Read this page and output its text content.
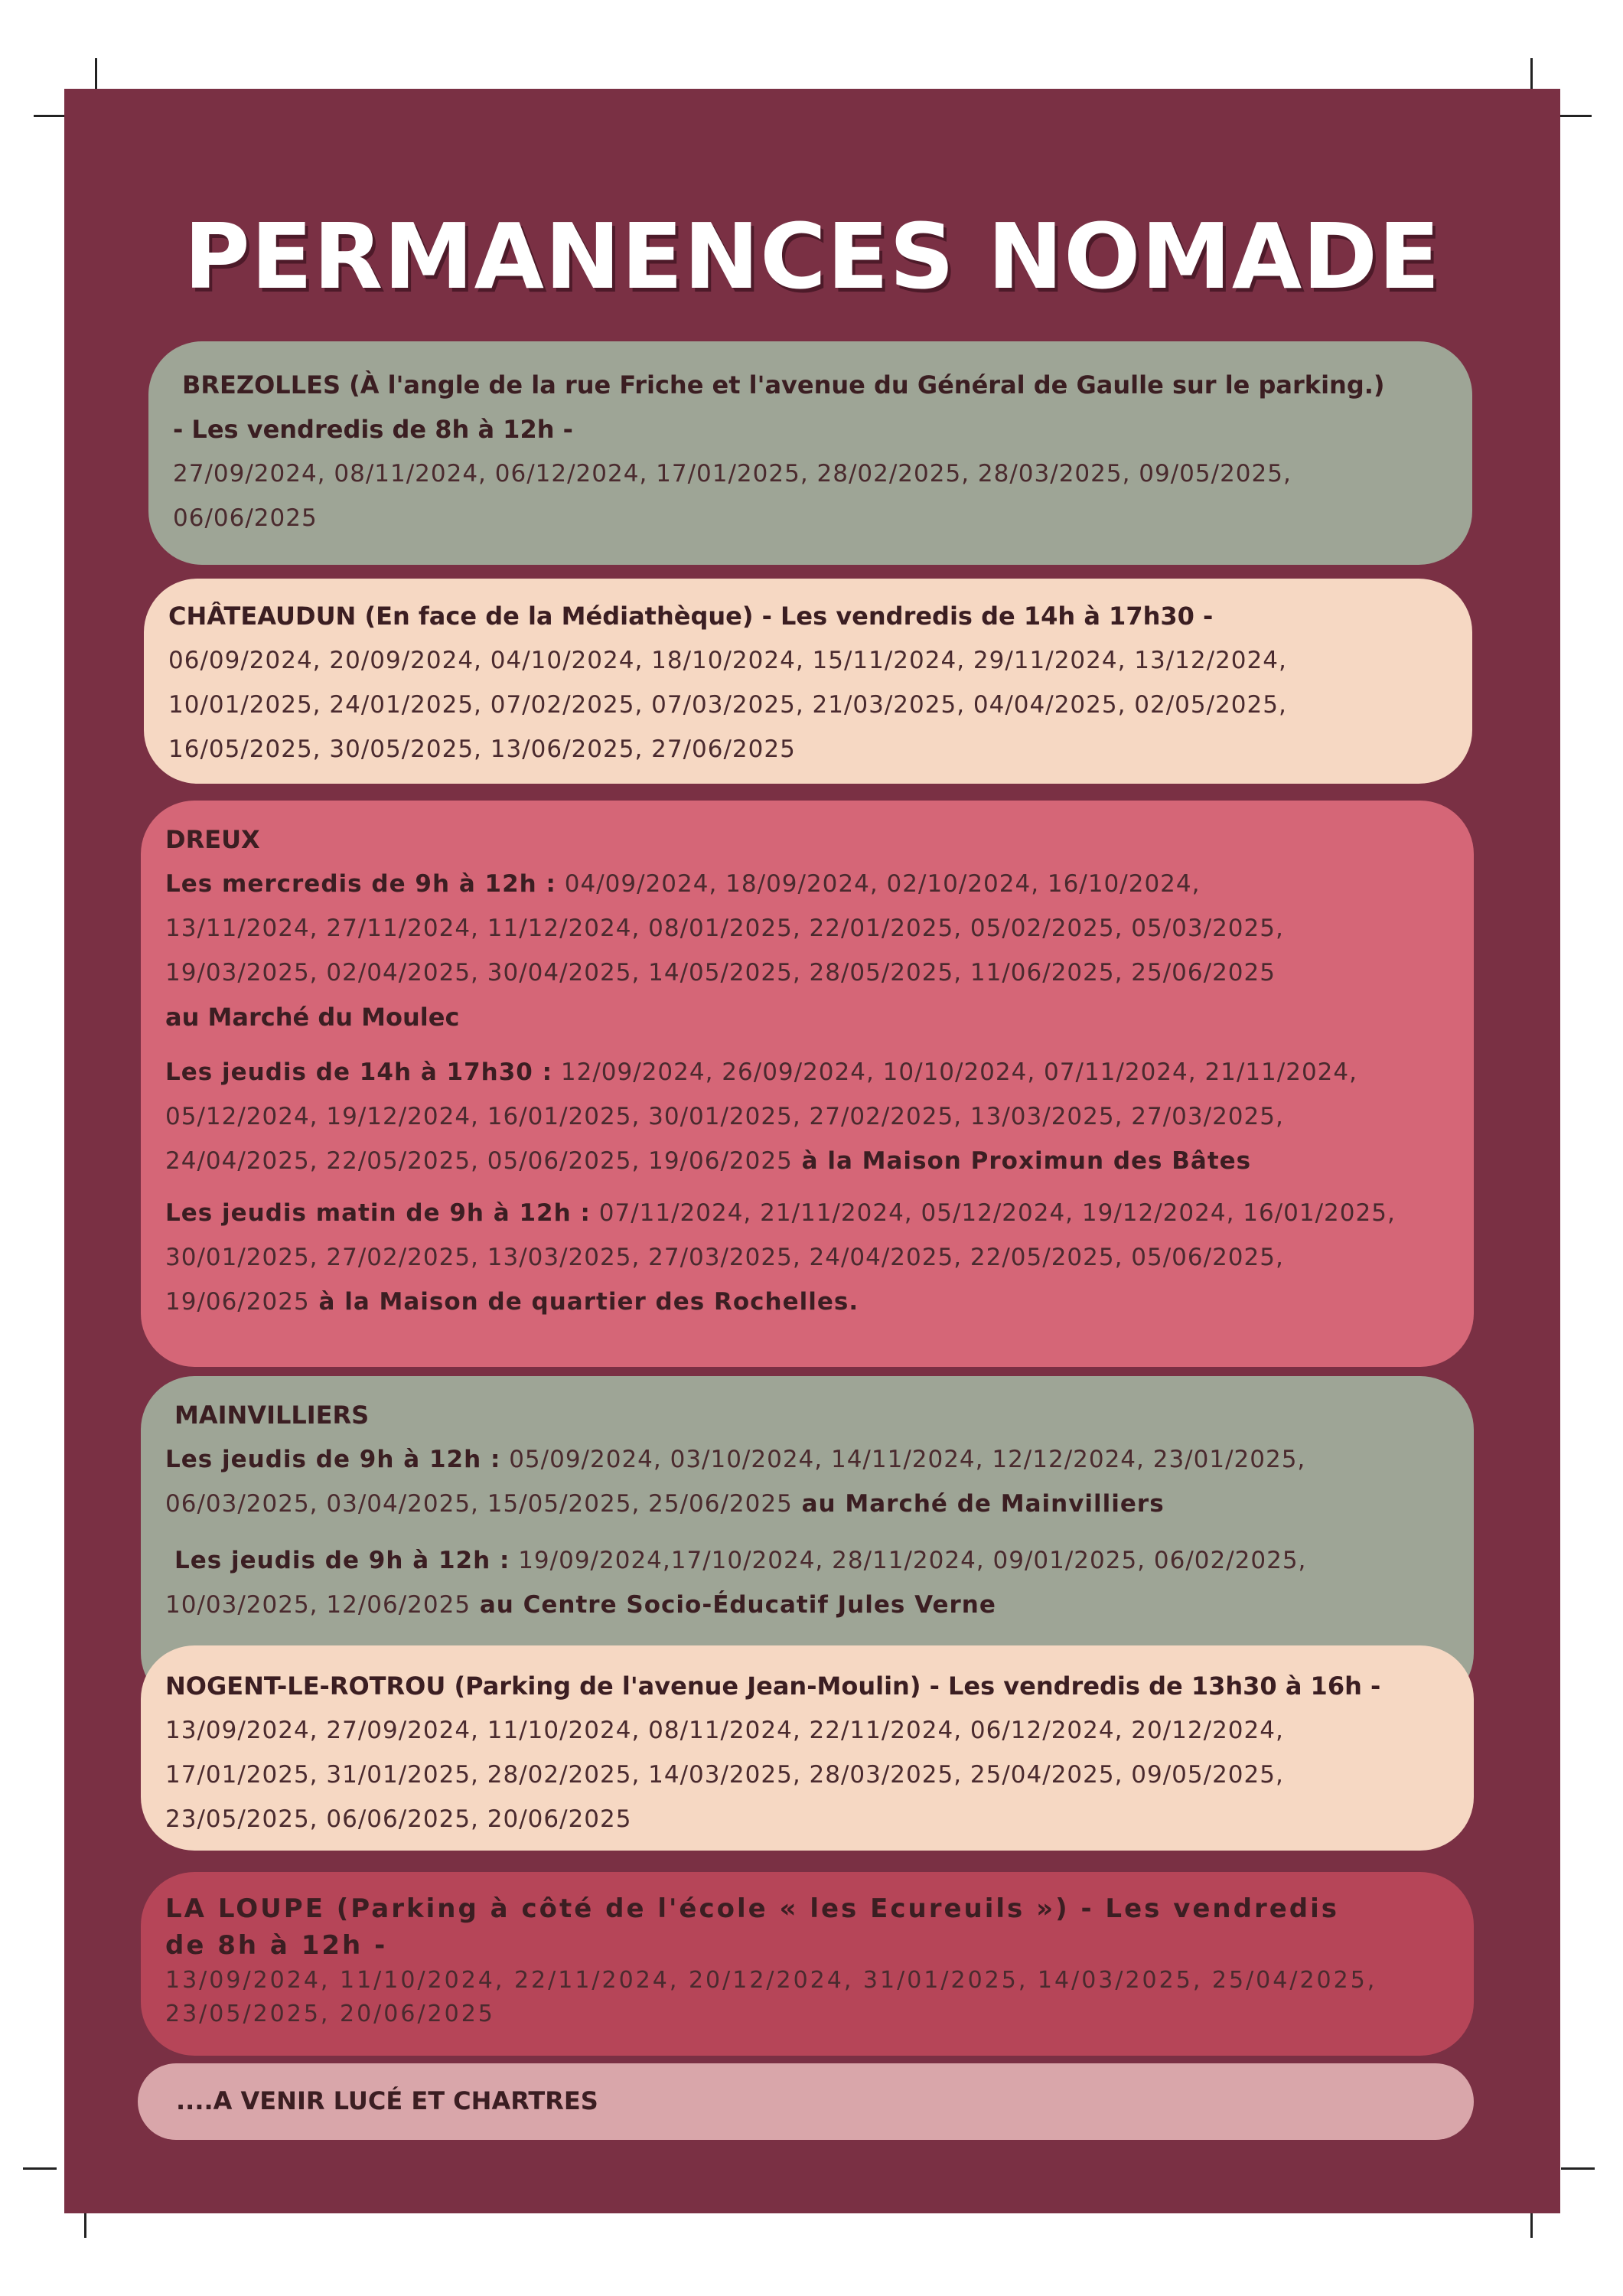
PERMANENCES NOMADE
BREZOLLES (À l'angle de la rue Friche et l'avenue du Général de Gaulle sur le parking.)
- Les vendredis de 8h à 12h -
27/09/2024, 08/11/2024, 06/12/2024, 17/01/2025, 28/02/2025, 28/03/2025, 09/05/2025,
06/06/2025
CHÂTEAUDUN (En face de la Médiathèque) - Les vendredis de 14h à 17h30 -
06/09/2024, 20/09/2024, 04/10/2024, 18/10/2024, 15/11/2024, 29/11/2024, 13/12/2024,
10/01/2025, 24/01/2025, 07/02/2025, 07/03/2025, 21/03/2025, 04/04/2025, 02/05/2025,
16/05/2025, 30/05/2025, 13/06/2025, 27/06/2025
DREUX
Les mercredis de 9h à 12h : 04/09/2024, 18/09/2024, 02/10/2024, 16/10/2024,
13/11/2024, 27/11/2024, 11/12/2024, 08/01/2025, 22/01/2025, 05/02/2025, 05/03/2025,
19/03/2025, 02/04/2025, 30/04/2025, 14/05/2025, 28/05/2025, 11/06/2025, 25/06/2025
au Marché du Moulec
Les jeudis de 14h à 17h30 : 12/09/2024, 26/09/2024, 10/10/2024, 07/11/2024, 21/11/2024,
05/12/2024, 19/12/2024, 16/01/2025, 30/01/2025, 27/02/2025, 13/03/2025, 27/03/2025,
24/04/2025, 22/05/2025, 05/06/2025, 19/06/2025 à la Maison Proximun des Bâtes
Les jeudis matin de 9h à 12h : 07/11/2024, 21/11/2024, 05/12/2024, 19/12/2024, 16/01/2025,
30/01/2025, 27/02/2025, 13/03/2025, 27/03/2025, 24/04/2025, 22/05/2025, 05/06/2025,
19/06/2025 à la Maison de quartier des Rochelles.
MAINVILLIERS
Les jeudis de 9h à 12h : 05/09/2024, 03/10/2024, 14/11/2024, 12/12/2024, 23/01/2025,
06/03/2025, 03/04/2025, 15/05/2025, 25/06/2025 au Marché de Mainvilliers
Les jeudis de 9h à 12h : 19/09/2024,17/10/2024, 28/11/2024, 09/01/2025, 06/02/2025,
10/03/2025, 12/06/2025 au Centre Socio-Éducatif Jules Verne
NOGENT-LE-ROTROU (Parking de l'avenue Jean-Moulin) - Les vendredis de 13h30 à 16h -
13/09/2024, 27/09/2024, 11/10/2024, 08/11/2024, 22/11/2024, 06/12/2024, 20/12/2024,
17/01/2025, 31/01/2025, 28/02/2025, 14/03/2025, 28/03/2025, 25/04/2025, 09/05/2025,
23/05/2025, 06/06/2025, 20/06/2025
LA LOUPE (Parking à côté de l'école « les Ecureuils ») - Les vendredis
de 8h à 12h -
13/09/2024, 11/10/2024, 22/11/2024, 20/12/2024, 31/01/2025, 14/03/2025, 25/04/2025,
23/05/2025, 20/06/2025
....A VENIR LUCÉ ET CHARTRES
